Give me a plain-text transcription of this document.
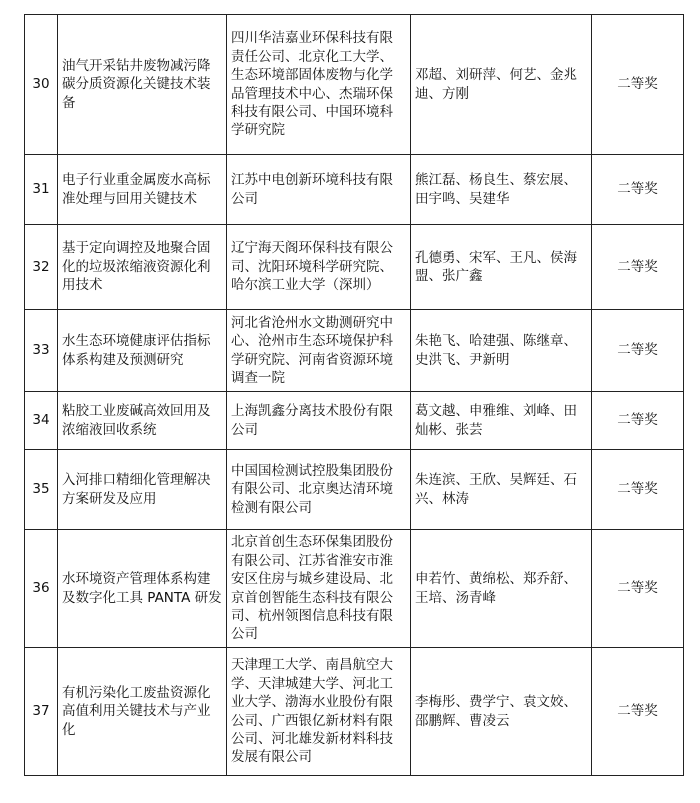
30	油气开采钻井废物减污降碳分质资源化关键技术装备	四川华洁嘉业环保科技有限责任公司、北京化工大学、生态环境部固体废物与化学品管理技术中心、杰瑞环保科技有限公司、中国环境科学研究院	邓超、刘研萍、何艺、金兆迪、方刚	二等奖
31	电子行业重金属废水高标准处理与回用关键技术	江苏中电创新环境科技有限公司	熊江磊、杨良生、蔡宏展、田宇鸣、吴建华	二等奖
32	基于定向调控及地聚合固化的垃圾浓缩液资源化利用技术	辽宁海天阁环保科技有限公司、沈阳环境科学研究院、哈尔滨工业大学（深圳）	孔德勇、宋军、王凡、侯海盟、张广鑫	二等奖
33	水生态环境健康评估指标体系构建及预测研究	河北省沧州水文勘测研究中心、沧州市生态环境保护科学研究院、河南省资源环境调查一院	朱艳飞、哈建强、陈继章、史洪飞、尹新明	二等奖
34	粘胶工业废碱高效回用及浓缩液回收系统	上海凯鑫分离技术股份有限公司	葛文越、申雅维、刘峰、田灿彬、张芸	二等奖
35	入河排口精细化管理解决方案研发及应用	中国国检测试控股集团股份有限公司、北京奥达清环境检测有限公司	朱连滨、王欣、吴辉廷、石兴、林涛	二等奖
36	水环境资产管理体系构建及数字化工具 PANTA 研发	北京首创生态环保集团股份有限公司、江苏省淮安市淮安区住房与城乡建设局、北京首创智能生态科技有限公司、杭州领图信息科技有限公司	申若竹、黄绵松、郑乔舒、王培、汤青峰	二等奖
37	有机污染化工废盐资源化高值利用关键技术与产业化	天津理工大学、南昌航空大学、天津城建大学、河北工业大学、渤海水业股份有限公司、广西银亿新材料有限公司、河北雄发新材料科技发展有限公司	李梅彤、费学宁、袁文姣、邵鹏辉、曹凌云	二等奖
